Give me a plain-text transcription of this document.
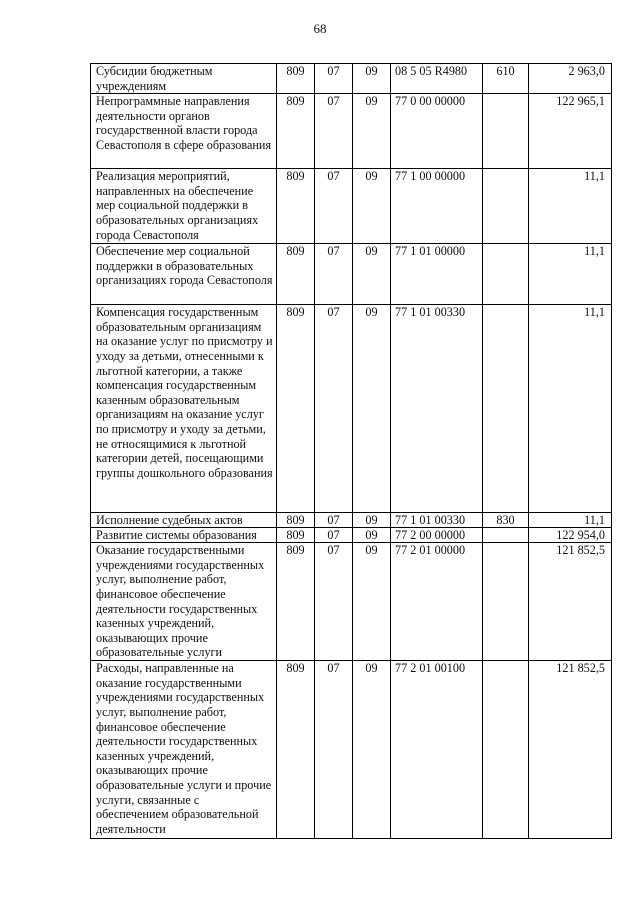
68
Субсидии бюджетным учреждениям	809	07	09	08 5 05 R4980	610	2 963,0
Непрограммные направления деятельности органов государственной власти города Севастополя в сфере образования	809	07	09	77 0 00 00000		122 965,1
Реализация мероприятий, направленных на обеспечение мер социальной поддержки в образовательных организациях города Севастополя	809	07	09	77 1 00 00000		11,1
Обеспечение мер социальной поддержки в образовательных организациях города Севастополя	809	07	09	77 1 01 00000		11,1
Компенсация государственным образовательным организациям на оказание услуг по присмотру и уходу за детьми, отнесенными к льготной категории, а также компенсация государственным казенным образовательным организациям на оказание услуг по присмотру и уходу за детьми, не относящимися к льготной категории детей, посещающими группы дошкольного образования	809	07	09	77 1 01 00330		11,1
Исполнение судебных актов	809	07	09	77 1 01 00330	830	11,1
Развитие системы образования	809	07	09	77 2 00 00000		122 954,0
Оказание государственными учреждениями государственных услуг, выполнение работ, финансовое обеспечение деятельности государственных казенных учреждений, оказывающих прочие образовательные услуги	809	07	09	77 2 01 00000		121 852,5
Расходы, направленные на оказание государственными учреждениями государственных услуг, выполнение работ, финансовое обеспечение деятельности государственных казенных учреждений, оказывающих прочие образовательные услуги и прочие услуги, связанные с обеспечением образовательной деятельности	809	07	09	77 2 01 00100		121 852,5
